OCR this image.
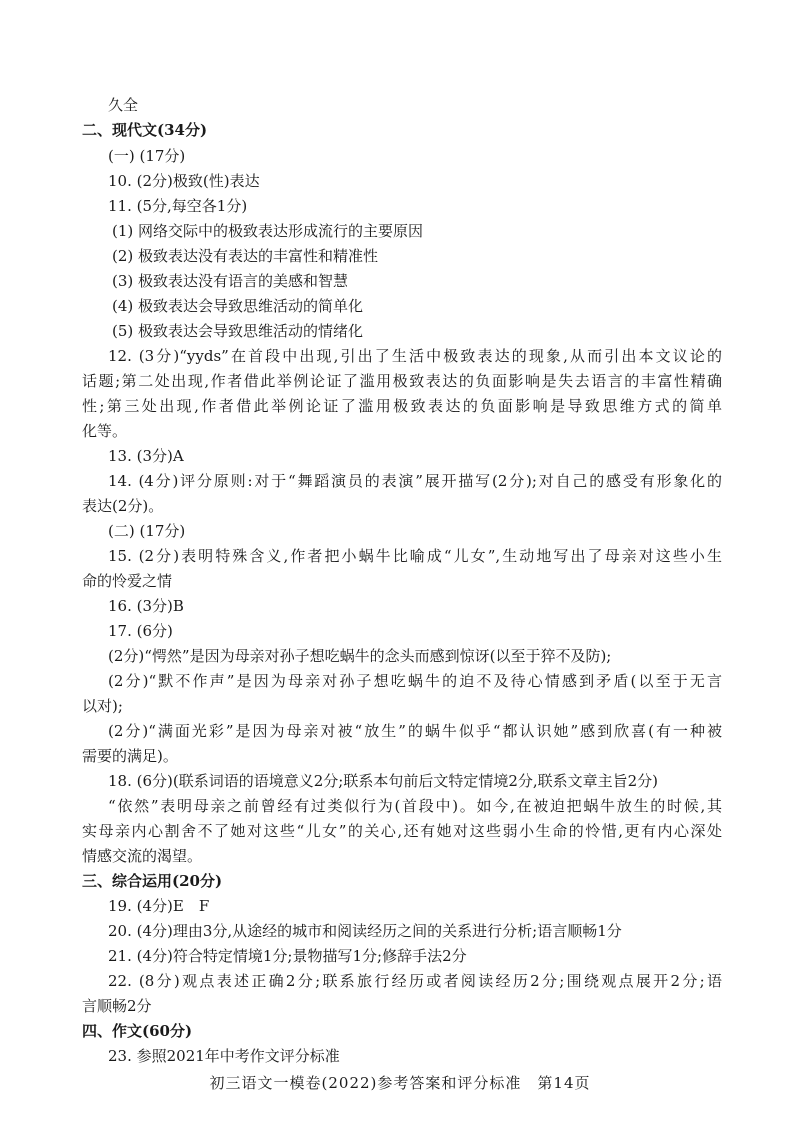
久全
二、现代文(34分)
(一) (17分)
10. (2分)极致(性)表达
11. (5分,每空各1分)
(1) 网络交际中的极致表达形成流行的主要原因
(2) 极致表达没有表达的丰富性和精准性
(3) 极致表达没有语言的美感和智慧
(4) 极致表达会导致思维活动的简单化
(5) 极致表达会导致思维活动的情绪化
12. (3分)“yyds”在首段中出现,引出了生活中极致表达的现象,从而引出本文议论的
话题;第二处出现,作者借此举例论证了滥用极致表达的负面影响是失去语言的丰富性精确
性;第三处出现,作者借此举例论证了滥用极致表达的负面影响是导致思维方式的简单
化等。
13. (3分)A
14. (4分)评分原则:对于“舞蹈演员的表演”展开描写(2分);对自己的感受有形象化的
表达(2分)。
(二) (17分)
15. (2分)表明特殊含义,作者把小蜗牛比喻成“儿女”,生动地写出了母亲对这些小生
命的怜爱之情
16. (3分)B
17. (6分)
(2分)“愕然”是因为母亲对孙子想吃蜗牛的念头而感到惊讶(以至于猝不及防);
(2分)“默不作声”是因为母亲对孙子想吃蜗牛的迫不及待心情感到矛盾(以至于无言
以对);
(2分)“满面光彩”是因为母亲对被“放生”的蜗牛似乎“都认识她”感到欣喜(有一种被
需要的满足)。
18. (6分)(联系词语的语境意义2分;联系本句前后文特定情境2分,联系文章主旨2分)
“依然”表明母亲之前曾经有过类似行为(首段中)。如今,在被迫把蜗牛放生的时候,其
实母亲内心割舍不了她对这些“儿女”的关心,还有她对这些弱小生命的怜惜,更有内心深处
情感交流的渴望。
三、综合运用(20分)
19. (4分)E　F
20. (4分)理由3分,从途经的城市和阅读经历之间的关系进行分析;语言顺畅1分
21. (4分)符合特定情境1分;景物描写1分;修辞手法2分
22. (8分)观点表述正确2分;联系旅行经历或者阅读经历2分;围绕观点展开2分;语
言顺畅2分
四、作文(60分)
23. 参照2021年中考作文评分标准
初三语文一模卷(2022)参考答案和评分标准　第14页
